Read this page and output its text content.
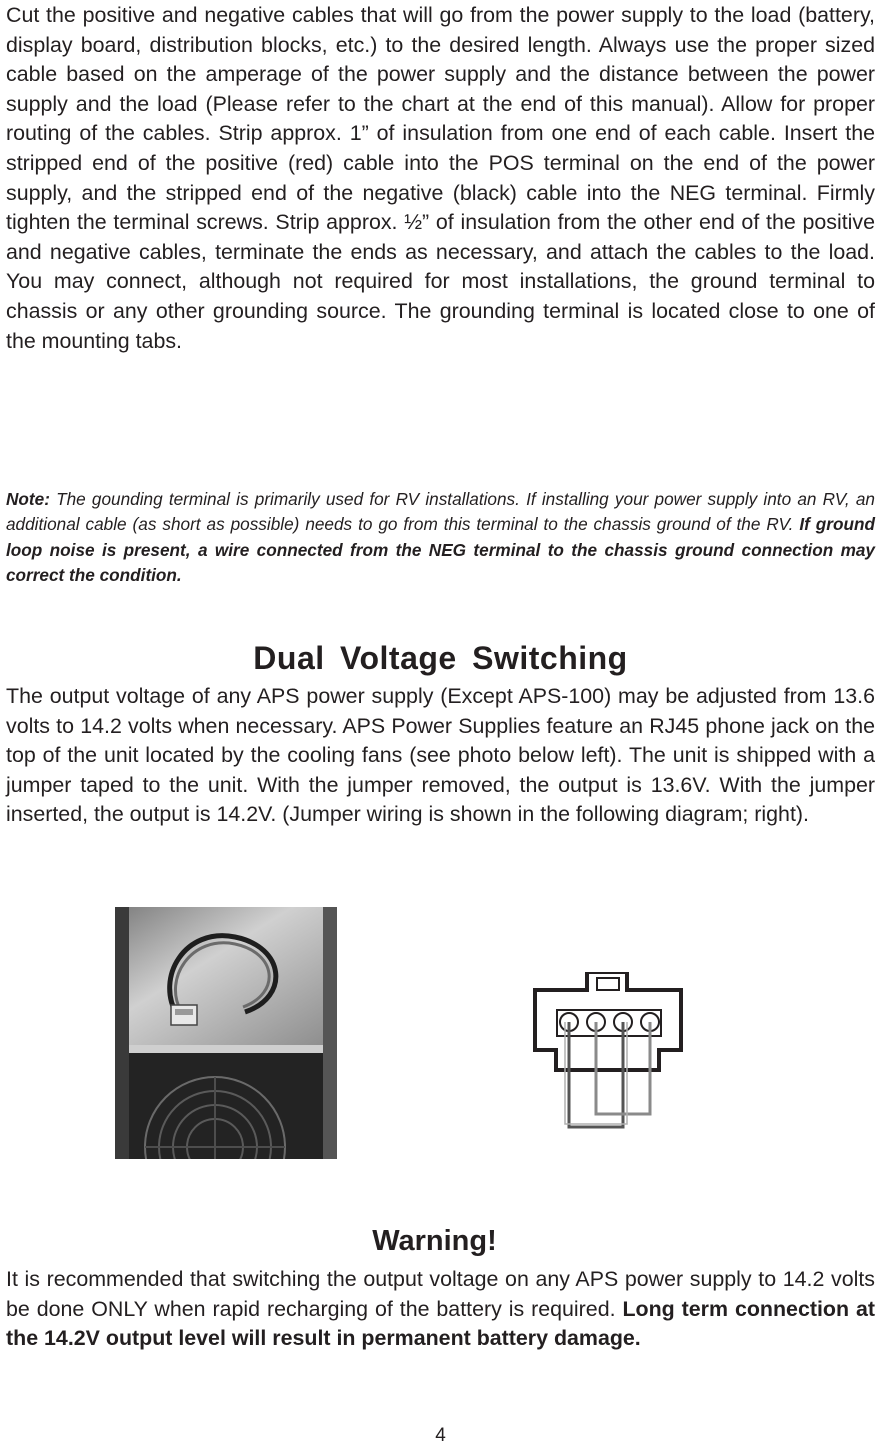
Cut the positive and negative cables that will go from the power supply to the load (battery, display board, distribution blocks, etc.) to the desired length. Always use the proper sized cable based on the amperage of the power supply and the distance between the power supply and the load (Please refer to the chart at the end of this manual). Allow for proper routing of the cables. Strip approx. 1” of insulation from one end of each cable. Insert the stripped end of the positive (red) cable into the POS terminal on the end of the power supply, and the stripped end of the negative (black) cable into the NEG terminal. Firmly tighten the terminal screws. Strip approx. ½” of insulation from the other end of the positive and negative cables, terminate the ends as necessary, and attach the cables to the load. You may connect, although not required for most installations, the ground terminal to chassis or any other grounding source. The grounding terminal is located close to one of the mounting tabs.

Note: The gounding terminal is primarily used for RV installations. If installing your power supply into an RV, an additional cable (as short as possible) needs to go from this terminal to the chassis ground of the RV. If ground loop noise is present, a wire connected from the NEG terminal to the chassis ground connection may correct the condition.

Dual Voltage Switching

The output voltage of any APS power supply (Except APS-100) may be adjusted from 13.6 volts to 14.2 volts when necessary. APS Power Supplies feature an RJ45 phone jack on the top of the unit located by the cooling fans (see photo below left). The unit is shipped with a jumper taped to the unit. With the jumper removed, the output is 13.6V. With the jumper inserted, the output is 14.2V. (Jumper wiring is shown in the following diagram; right).

Warning!

It is recommended that switching the output voltage on any APS power supply to 14.2 volts be done ONLY when rapid recharging of the battery is required. Long term connection at the 14.2V output level will result in permanent battery damage.

4
